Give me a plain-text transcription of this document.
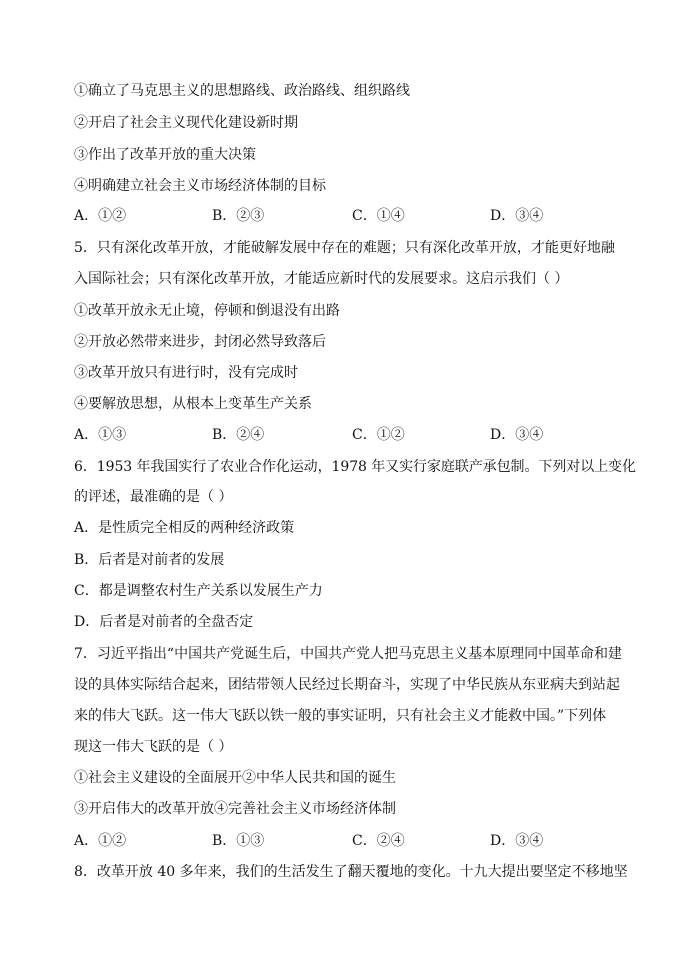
①确立了马克思主义的思想路线、政治路线、组织路线
②开启了社会主义现代化建设新时期
③作出了改革开放的重大决策
④明确建立社会主义市场经济体制的目标
A．①②	B．②③	C．①④	D．③④
5．只有深化改革开放，才能破解发展中存在的难题；只有深化改革开放，才能更好地融
入国际社会；只有深化改革开放，才能适应新时代的发展要求。这启示我们（ ）
①改革开放永无止境，停顿和倒退没有出路
②开放必然带来进步，封闭必然导致落后
③改革开放只有进行时，没有完成时
④要解放思想，从根本上变革生产关系
A．①③	B．②④	C．①②	D．③④
6．1953 年我国实行了农业合作化运动，1978 年又实行家庭联产承包制。下列对以上变化
的评述，最准确的是（ ）
A．是性质完全相反的两种经济政策
B．后者是对前者的发展
C．都是调整农村生产关系以发展生产力
D．后者是对前者的全盘否定
7．习近平指出“中国共产党诞生后，中国共产党人把马克思主义基本原理同中国革命和建
设的具体实际结合起来，团结带领人民经过长期奋斗，实现了中华民族从东亚病夫到站起
来的伟大飞跃。这一伟大飞跃以铁一般的事实证明，只有社会主义才能救中国。”下列体
现这一伟大飞跃的是（ ）
①社会主义建设的全面展开②中华人民共和国的诞生
③开启伟大的改革开放④完善社会主义市场经济体制
A．①②	B．①③	C．②④	D．③④
8．改革开放 40 多年来，我们的生活发生了翻天覆地的变化。十九大提出要坚定不移地坚
